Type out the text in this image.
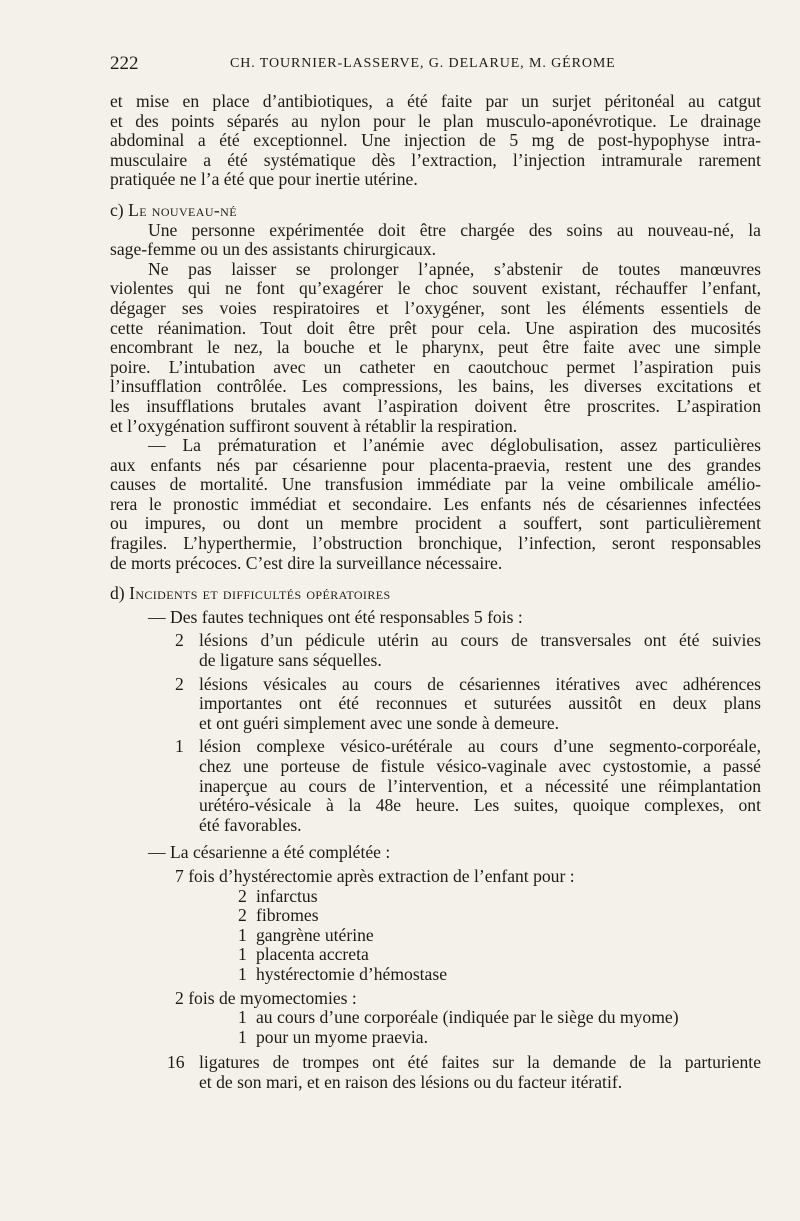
222	CH. TOURNIER-LASSERVE, G. DELARUE, M. GÉROME

et mise en place d’antibiotiques, a été faite par un surjet péritonéal au catgut
et des points séparés au nylon pour le plan musculo-aponévrotique. Le drainage
abdominal a été exceptionnel. Une injection de 5 mg de post-hypophyse intra-
musculaire a été systématique dès l’extraction, l’injection intramurale rarement
pratiquée ne l’a été que pour inertie utérine.

c) Le nouveau-né

Une personne expérimentée doit être chargée des soins au nouveau-né, la
sage-femme ou un des assistants chirurgicaux.

Ne pas laisser se prolonger l’apnée, s’abstenir de toutes manœuvres
violentes qui ne font qu’exagérer le choc souvent existant, réchauffer l’enfant,
dégager ses voies respiratoires et l’oxygéner, sont les éléments essentiels de
cette réanimation. Tout doit être prêt pour cela. Une aspiration des mucosités
encombrant le nez, la bouche et le pharynx, peut être faite avec une simple
poire. L’intubation avec un catheter en caoutchouc permet l’aspiration puis
l’insufflation contrôlée. Les compressions, les bains, les diverses excitations et
les insufflations brutales avant l’aspiration doivent être proscrites. L’aspiration
et l’oxygénation suffiront souvent à rétablir la respiration.

— La prématuration et l’anémie avec déglobulisation, assez particulières
aux enfants nés par césarienne pour placenta-praevia, restent une des grandes
causes de mortalité. Une transfusion immédiate par la veine ombilicale amélio-
rera le pronostic immédiat et secondaire. Les enfants nés de césariennes infectées
ou impures, ou dont un membre procident a souffert, sont particulièrement
fragiles. L’hyperthermie, l’obstruction bronchique, l’infection, seront responsables
de morts précoces. C’est dire la surveillance nécessaire.

d) Incidents et difficultés opératoires
— Des fautes techniques ont été responsables 5 fois :
2 lésions d’un pédicule utérin au cours de transversales ont été suivies
de ligature sans séquelles.
2 lésions vésicales au cours de césariennes itératives avec adhérences
importantes ont été reconnues et suturées aussitôt en deux plans
et ont guéri simplement avec une sonde à demeure.
1 lésion complexe vésico-urétérale au cours d’une segmento-corporéale,
chez une porteuse de fistule vésico-vaginale avec cystostomie, a passé
inaperçue au cours de l’intervention, et a nécessité une réimplantation
urétéro-vésicale à la 48e heure. Les suites, quoique complexes, ont
été favorables.
— La césarienne a été complétée :
7 fois d’hystérectomie après extraction de l’enfant pour :
2 infarctus
2 fibromes
1 gangrène utérine
1 placenta accreta
1 hystérectomie d’hémostase
2 fois de myomectomies :
1 au cours d’une corporéale (indiquée par le siège du myome)
1 pour un myome praevia.
16 ligatures de trompes ont été faites sur la demande de la parturiente
et de son mari, et en raison des lésions ou du facteur itératif.
